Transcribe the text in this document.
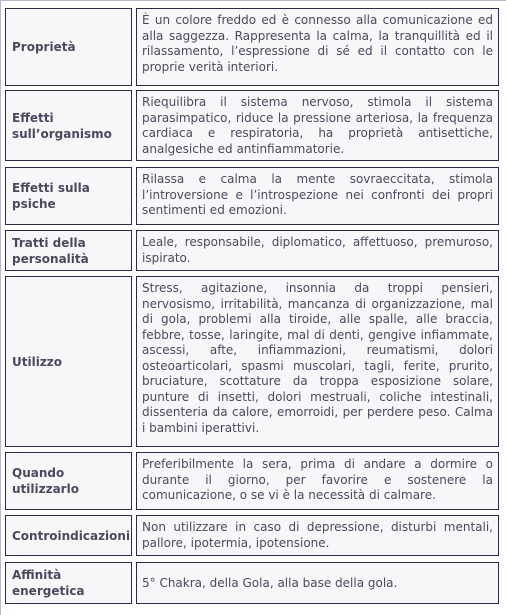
Proprietà
È un colore freddo ed è connesso alla comunicazione ed alla saggezza. Rappresenta la calma, la tranquillità ed il rilassamento, l’espressione di sé ed il contatto con le proprie verità interiori.
Effetti sull’organismo
Riequilibra il sistema nervoso, stimola il sistema parasimpatico, riduce la pressione arteriosa, la frequenza cardiaca e respiratoria, ha proprietà antisettiche, analgesiche ed antinfiammatorie.
Effetti sulla psiche
Rilassa e calma la mente sovraeccitata, stimola l’introversione e l’introspezione nei confronti dei propri sentimenti ed emozioni.
Tratti della personalità
Leale, responsabile, diplomatico, affettuoso, premuroso, ispirato.
Utilizzo
Stress, agitazione, insonnia da troppi pensieri, nervosismo, irritabilità, mancanza di organizzazione, mal di gola, problemi alla tiroide, alle spalle, alle braccia, febbre, tosse, laringite, mal di denti, gengive infiammate, ascessi, afte, infiammazioni, reumatismi, dolori osteoarticolari, spasmi muscolari, tagli, ferite, prurito, bruciature, scottature da troppa esposizione solare, punture di insetti, dolori mestruali, coliche intestinali, dissenteria da calore, emorroidi, per perdere peso. Calma i bambini iperattivi.
Quando utilizzarlo
Preferibilmente la sera, prima di andare a dormire o durante il giorno, per favorire e sostenere la comunicazione, o se vi è la necessità di calmare.
Controindicazioni
Non utilizzare in caso di depressione, disturbi mentali, pallore, ipotermia, ipotensione.
Affinità energetica
5° Chakra, della Gola, alla base della gola.
